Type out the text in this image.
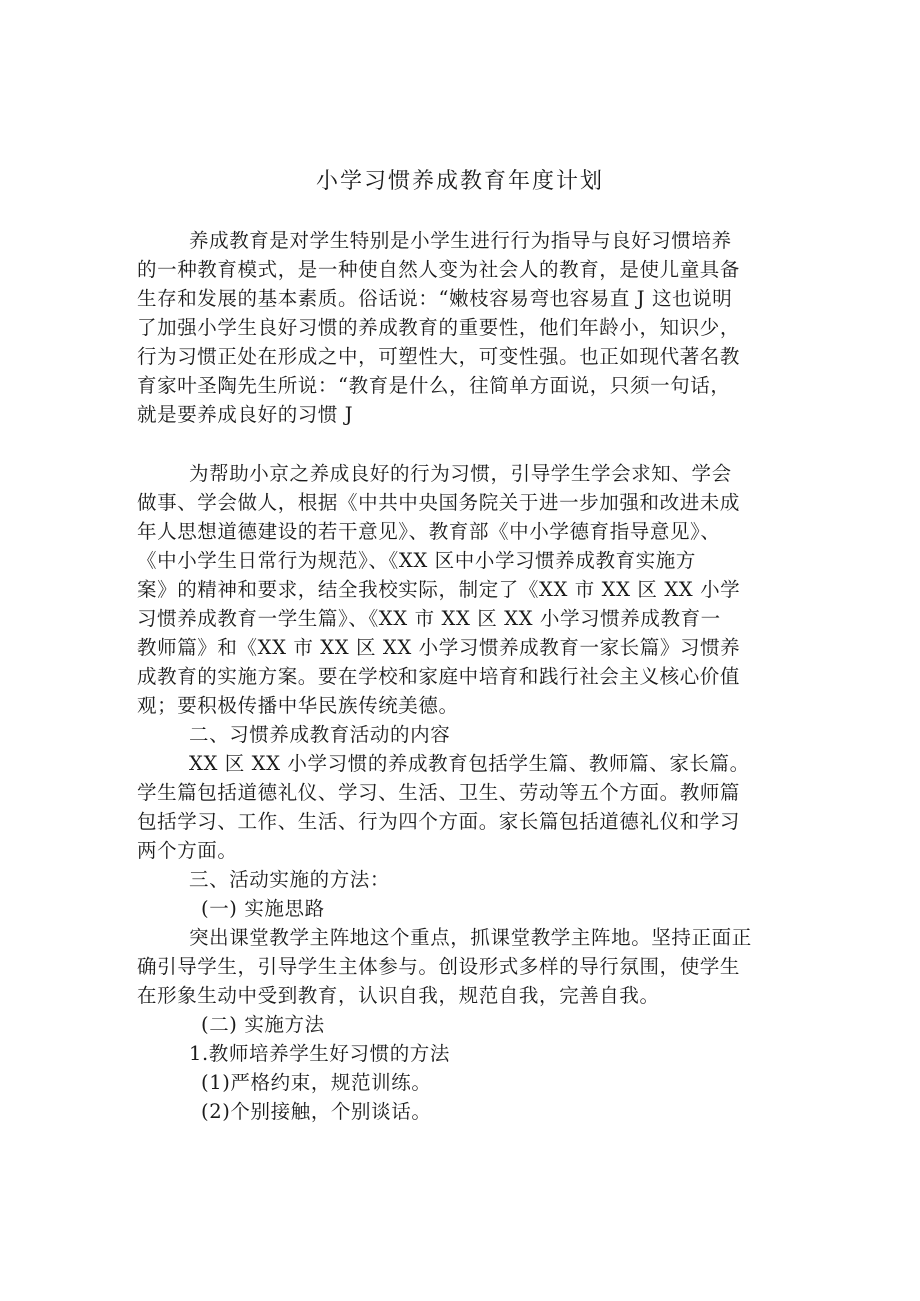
小学习惯养成教育年度计划
养成教育是对学生特别是小学生进行行为指导与良好习惯培养
的一种教育模式，是一种使自然人变为社会人的教育，是使儿童具备
生存和发展的基本素质。俗话说：“嫩枝容易弯也容易直 J 这也说明
了加强小学生良好习惯的养成教育的重要性，他们年龄小，知识少，
行为习惯正处在形成之中，可塑性大，可变性强。也正如现代著名教
育家叶圣陶先生所说：“教育是什么，往简单方面说，只须一句话，
就是要养成良好的习惯 J
为帮助小京之养成良好的行为习惯，引导学生学会求知、学会
做事、学会做人，根据《中共中央国务院关于进一步加强和改进未成
年人思想道德建设的若干意见》、教育部《中小学德育指导意见》、
《中小学生日常行为规范》、《XX 区中小学习惯养成教育实施方
案》的精神和要求，结全我校实际，制定了《XX 市 XX 区 XX 小学
习惯养成教育一学生篇》、《XX 市 XX 区 XX 小学习惯养成教育一
教师篇》和《XX 市 XX 区 XX 小学习惯养成教育一家长篇》习惯养
成教育的实施方案。要在学校和家庭中培育和践行社会主义核心价值
观；要积极传播中华民族传统美德。
二、习惯养成教育活动的内容
XX 区 XX 小学习惯的养成教育包括学生篇、教师篇、家长篇。
学生篇包括道德礼仪、学习、生活、卫生、劳动等五个方面。教师篇
包括学习、工作、生活、行为四个方面。家长篇包括道德礼仪和学习
两个方面。
三、活动实施的方法：
(一) 实施思路
突出课堂教学主阵地这个重点，抓课堂教学主阵地。坚持正面正
确引导学生，引导学生主体参与。创设形式多样的导行氛围，使学生
在形象生动中受到教育，认识自我，规范自我，完善自我。
(二) 实施方法
1.教师培养学生好习惯的方法
(1)严格约束，规范训练。
(2)个别接触，个别谈话。
